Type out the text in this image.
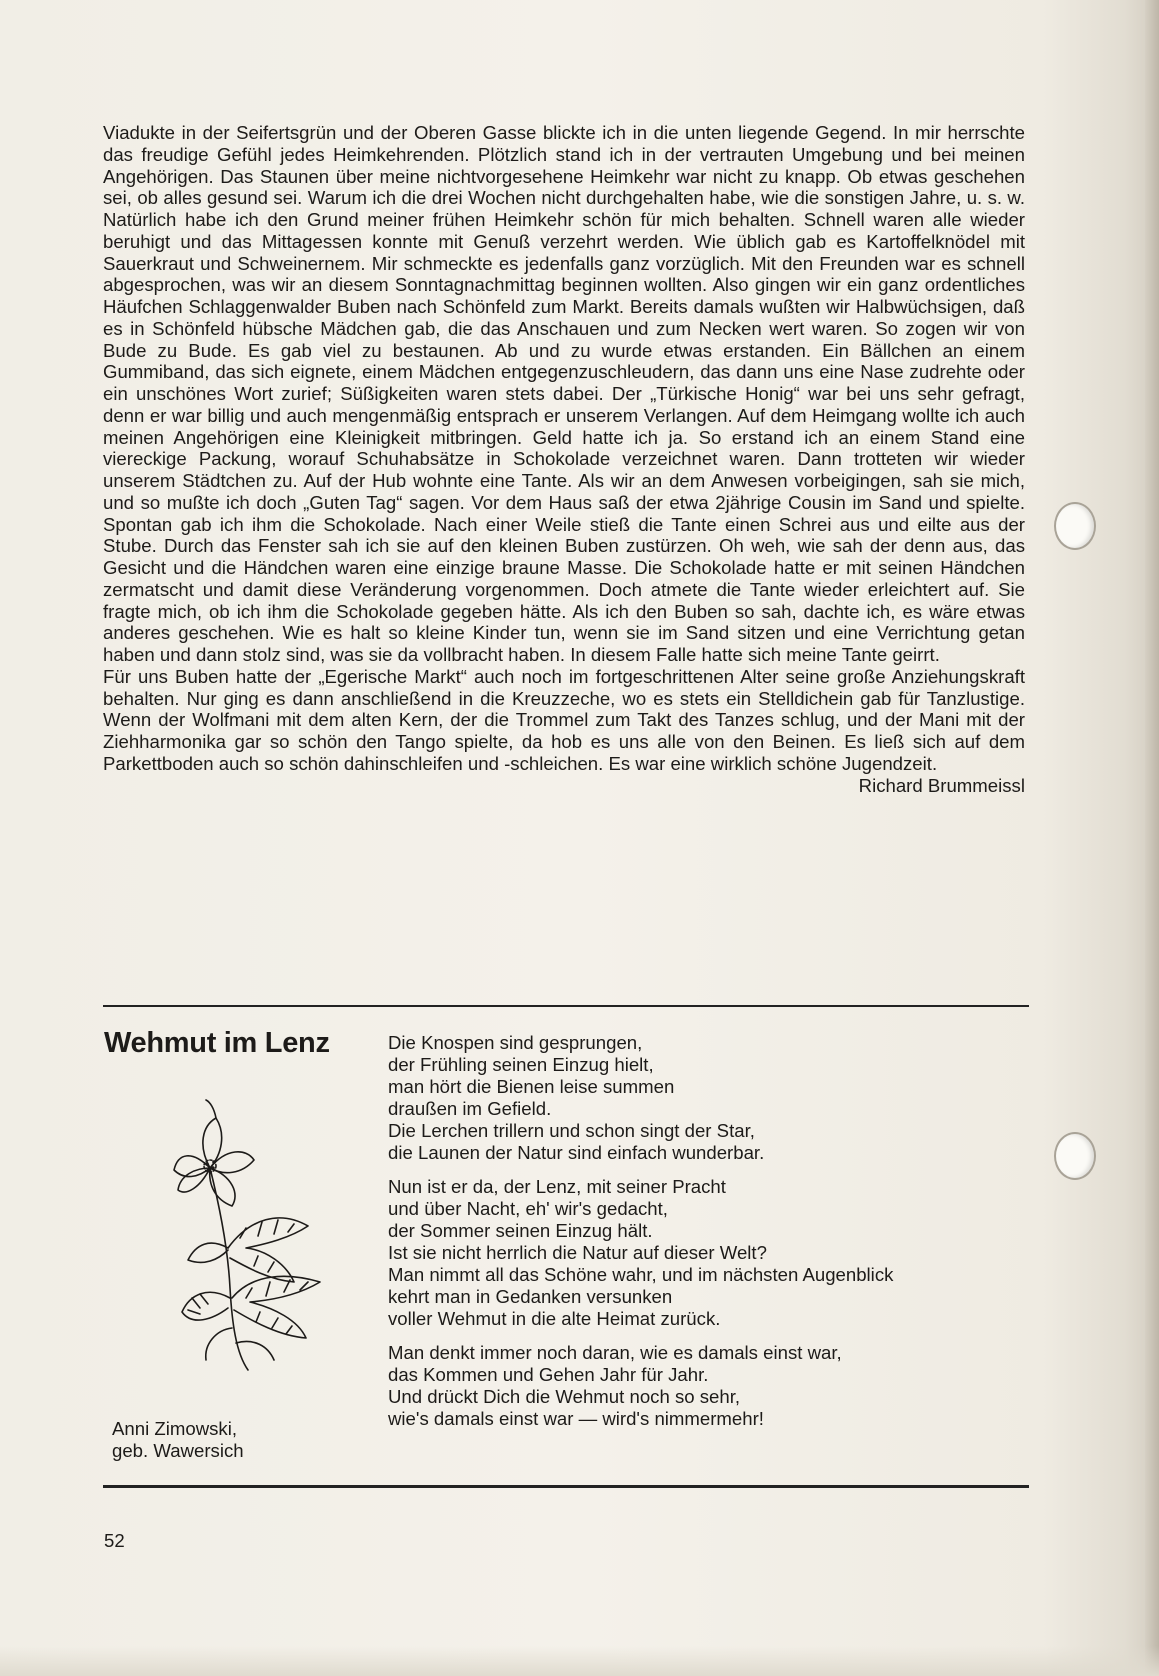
Viadukte in der Seifertsgrün und der Oberen Gasse blickte ich in die unten liegende Gegend. In mir herrschte das freudige Gefühl jedes Heimkehrenden. Plötzlich stand ich in der vertrauten Umgebung und bei meinen Angehörigen. Das Staunen über meine nichtvorgesehene Heimkehr war nicht zu knapp. Ob etwas geschehen sei, ob alles gesund sei. Warum ich die drei Wochen nicht durchgehalten habe, wie die sonstigen Jahre, u. s. w. Natürlich habe ich den Grund meiner frühen Heimkehr schön für mich behalten. Schnell waren alle wieder beruhigt und das Mittagessen konnte mit Genuß verzehrt werden. Wie üblich gab es Kartoffelknödel mit Sauerkraut und Schweinernem. Mir schmeckte es jedenfalls ganz vorzüglich. Mit den Freunden war es schnell abgesprochen, was wir an diesem Sonntagnachmittag beginnen wollten. Also gingen wir ein ganz ordentliches Häufchen Schlaggenwalder Buben nach Schönfeld zum Markt. Bereits damals wußten wir Halbwüchsigen, daß es in Schönfeld hübsche Mädchen gab, die das Anschauen und zum Necken wert waren. So zogen wir von Bude zu Bude. Es gab viel zu bestaunen. Ab und zu wurde etwas erstanden. Ein Bällchen an einem Gummiband, das sich eignete, einem Mädchen entgegenzuschleudern, das dann uns eine Nase zudrehte oder ein unschönes Wort zurief; Süßigkeiten waren stets dabei. Der „Türkische Honig“ war bei uns sehr gefragt, denn er war billig und auch mengenmäßig entsprach er unserem Verlangen. Auf dem Heimgang wollte ich auch meinen Angehörigen eine Kleinigkeit mitbringen. Geld hatte ich ja. So erstand ich an einem Stand eine viereckige Packung, worauf Schuhabsätze in Schokolade verzeichnet waren. Dann trotteten wir wieder unserem Städtchen zu. Auf der Hub wohnte eine Tante. Als wir an dem Anwesen vorbeigingen, sah sie mich, und so mußte ich doch „Guten Tag“ sagen. Vor dem Haus saß der etwa 2jährige Cousin im Sand und spielte. Spontan gab ich ihm die Schokolade. Nach einer Weile stieß die Tante einen Schrei aus und eilte aus der Stube. Durch das Fenster sah ich sie auf den kleinen Buben zustürzen. Oh weh, wie sah der denn aus, das Gesicht und die Händchen waren eine einzige braune Masse. Die Schokolade hatte er mit seinen Händchen zermatscht und damit diese Veränderung vorgenommen. Doch atmete die Tante wieder erleichtert auf. Sie fragte mich, ob ich ihm die Schokolade gegeben hätte. Als ich den Buben so sah, dachte ich, es wäre etwas anderes geschehen. Wie es halt so kleine Kinder tun, wenn sie im Sand sitzen und eine Verrichtung getan haben und dann stolz sind, was sie da vollbracht haben. In diesem Falle hatte sich meine Tante geirrt.

Für uns Buben hatte der „Egerische Markt“ auch noch im fortgeschrittenen Alter seine große Anziehungskraft behalten. Nur ging es dann anschließend in die Kreuzzeche, wo es stets ein Stelldichein gab für Tanzlustige. Wenn der Wolfmani mit dem alten Kern, der die Trommel zum Takt des Tanzes schlug, und der Mani mit der Ziehharmonika gar so schön den Tango spielte, da hob es uns alle von den Beinen. Es ließ sich auf dem Parkettboden auch so schön dahinschleifen und -schleichen. Es war eine wirklich schöne Jugendzeit.

Richard Brummeissl

Wehmut im Lenz	Die Knospen sind gesprungen,
der Frühling seinen Einzug hielt,
man hört die Bienen leise summen
draußen im Gefield.
Die Lerchen trillern und schon singt der Star,
die Launen der Natur sind einfach wunderbar.
Nun ist er da, der Lenz, mit seiner Pracht
und über Nacht, eh' wir's gedacht,
der Sommer seinen Einzug hält.
Ist sie nicht herrlich die Natur auf dieser Welt?
Man nimmt all das Schöne wahr, und im nächsten Augenblick
kehrt man in Gedanken versunken
voller Wehmut in die alte Heimat zurück.
Man denkt immer noch daran, wie es damals einst war,
das Kommen und Gehen Jahr für Jahr.
Und drückt Dich die Wehmut noch so sehr,
wie's damals einst war — wird's nimmermehr!
Anni Zimowski,
geb. Wawersich
52
